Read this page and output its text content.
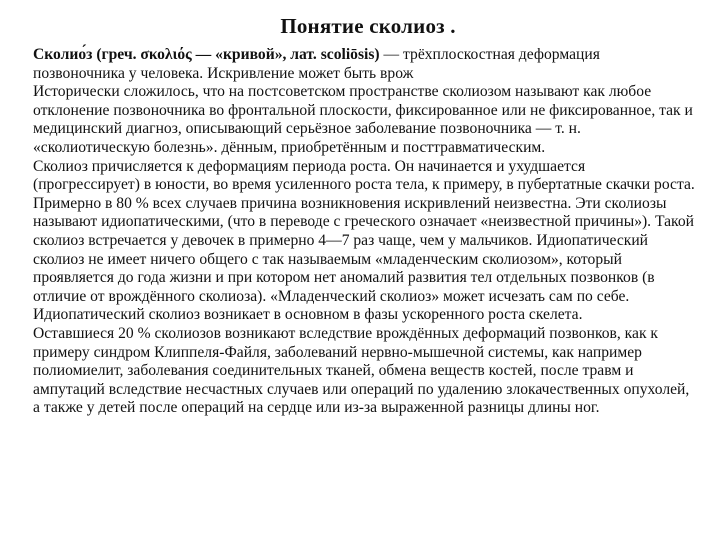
Понятие сколиоз .

Сколио́з (греч. σκολιός — «кривой», лат. scoliōsis) — трёхплоскостная деформация позвоночника у человека. Искривление может быть врож

Исторически сложилось, что на постсоветском пространстве сколиозом называют как любое отклонение позвоночника во фронтальной плоскости, фиксированное или не фиксированное, так и медицинский диагноз, описывающий серьёзное заболевание позвоночника — т. н. «сколиотическую болезнь». дённым, приобретённым и посттравматическим.

Сколиоз причисляется к деформациям периода роста. Он начинается и ухудшается (прогрессирует) в юности, во время усиленного роста тела, к примеру, в пубертатные скачки роста. Примерно в 80 % всех случаев причина возникновения искривлений неизвестна. Эти сколиозы называют идиопатическими, (что в переводе с греческого означает «неизвестной причины»). Такой сколиоз встречается у девочек в примерно 4—7 раз чаще, чем у мальчиков. Идиопатический сколиоз не имеет ничего общего с так называемым «младенческим сколиозом», который проявляется до года жизни и при котором нет аномалий развития тел отдельных позвонков (в отличие от врождённого сколиоза). «Младенческий сколиоз» может исчезать сам по себе. Идиопатический сколиоз возникает в основном в фазы ускоренного роста скелета.

Оставшиеся 20 % сколиозов возникают вследствие врождённых деформаций позвонков, как к примеру синдром Клиппеля-Файля, заболеваний нервно-мышечной системы, как например полиомиелит, заболевания соединительных тканей, обмена веществ костей, после травм и ампутаций вследствие несчастных случаев или операций по удалению злокачественных опухолей, а также у детей после операций на сердце или из-за выраженной разницы длины ног.
